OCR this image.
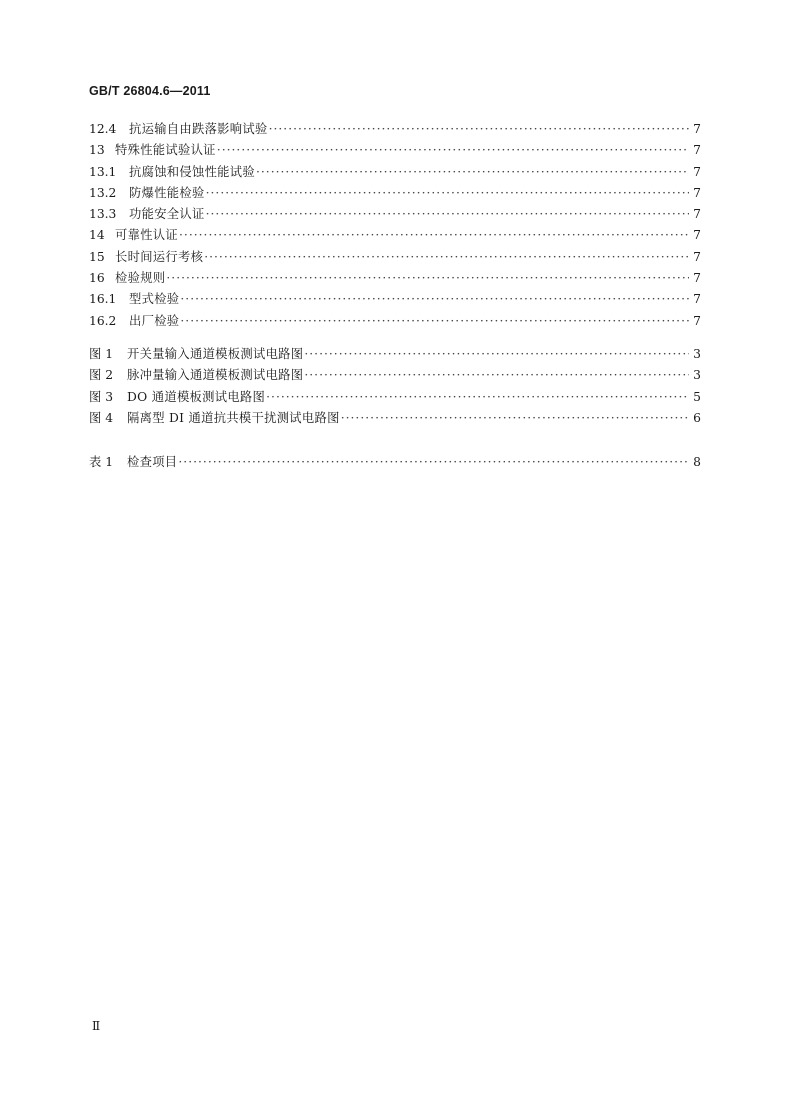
GB/T 26804.6—2011
12.4	抗运输自由跌落影响试验 ·····	7
13 特殊性能试验认证 ·····	7
13.1	抗腐蚀和侵蚀性能试验 ·····	7
13.2	防爆性能检验 ·····	7
13.3	功能安全认证 ·····	7
14 可靠性认证 ·····	7
15 长时间运行考核 ·····	7
16 检验规则 ·····	7
16.1	型式检验 ·····	7
16.2	出厂检验 ·····	7
图 1	开关量输入通道模板测试电路图 ·····	3
图 2	脉冲量输入通道模板测试电路图 ·····	3
图 3	DO 通道模板测试电路图 ·····	5
图 4	隔离型 DI 通道抗共模干扰测试电路图 ·····	6
表 1	检查项目 ·····	8
Ⅱ
